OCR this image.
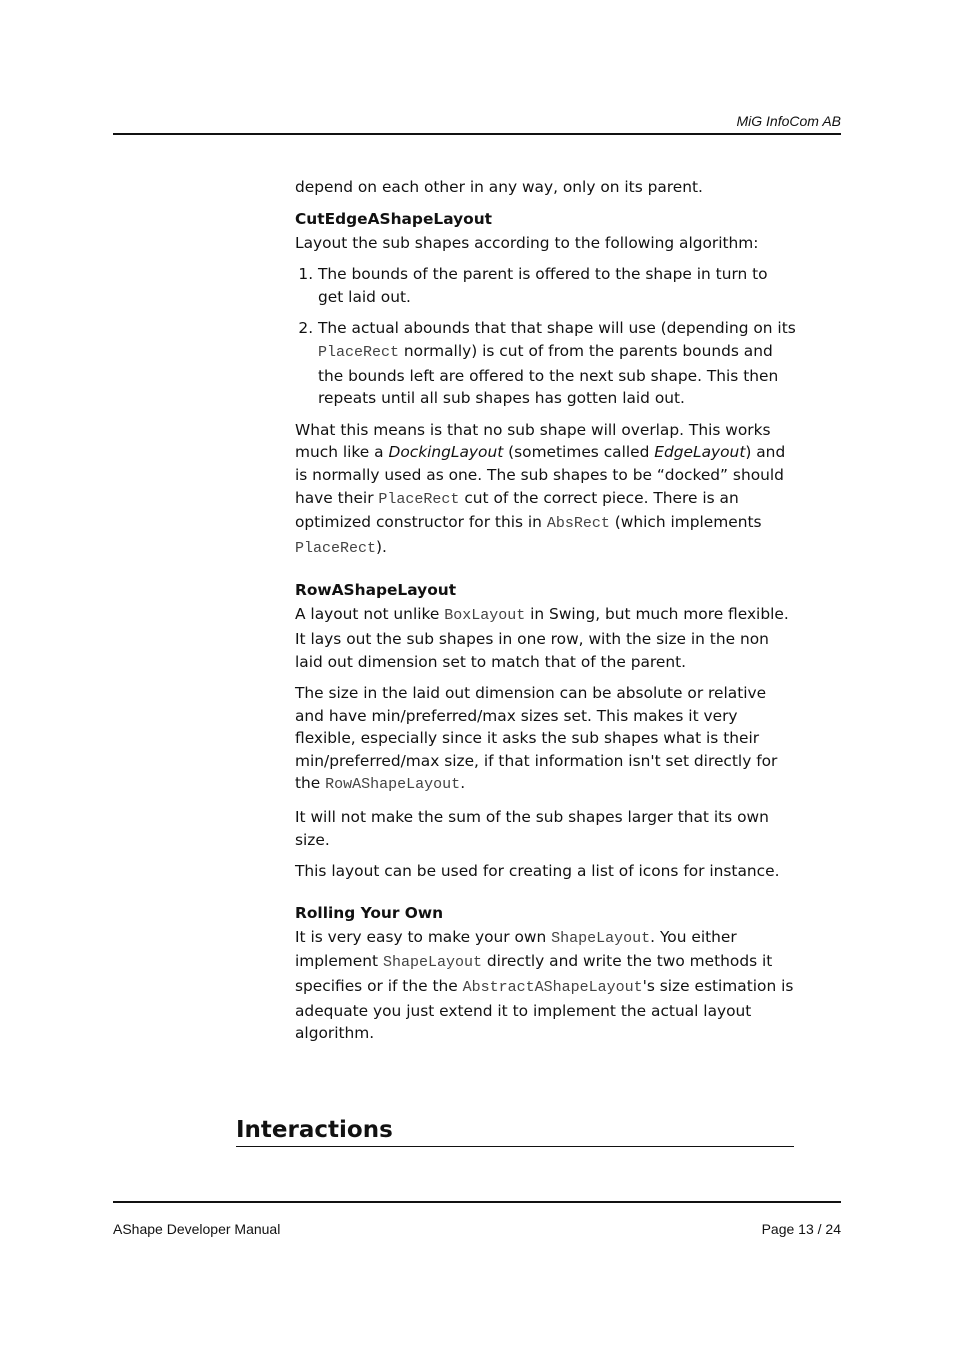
MiG InfoCom AB

depend on each other in any way, only on its parent.

CutEdgeAShapeLayout

Layout the sub shapes according to the following algorithm:

1. The bounds of the parent is offered to the shape in turn to get laid out.
2. The actual abounds that that shape will use (depending on its PlaceRect normally) is cut of from the parents bounds and the bounds left are offered to the next sub shape. This then repeats until all sub shapes has gotten laid out.

What this means is that no sub shape will overlap. This works much like a DockingLayout (sometimes called EdgeLayout) and is normally used as one. The sub shapes to be “docked” should have their PlaceRect cut of the correct piece. There is an optimized constructor for this in AbsRect (which implements PlaceRect).

RowAShapeLayout

A layout not unlike BoxLayout in Swing, but much more flexible. It lays out the sub shapes in one row, with the size in the non laid out dimension set to match that of the parent.

The size in the laid out dimension can be absolute or relative and have min/preferred/max sizes set. This makes it very flexible, especially since it asks the sub shapes what is their min/preferred/max size, if that information isn't set directly for the RowAShapeLayout.

It will not make the sum of the sub shapes larger that its own size.

This layout can be used for creating a list of icons for instance.

Rolling Your Own

It is very easy to make your own ShapeLayout. You either implement ShapeLayout directly and write the two methods it specifies or if the the AbstractAShapeLayout's size estimation is adequate you just extend it to implement the actual layout algorithm.

Interactions
AShape Developer Manual	Page 13 / 24
